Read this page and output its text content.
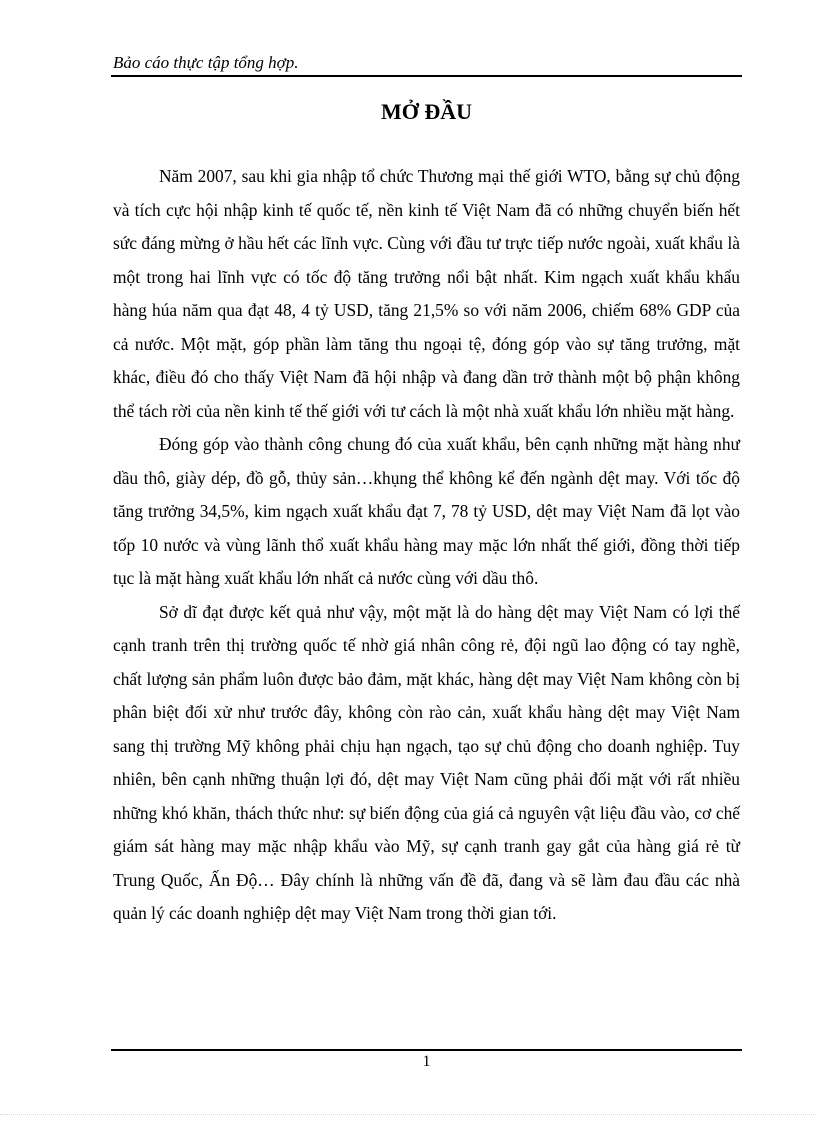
Bảo cáo thực tập tổng hợp.
MỞ ĐẦU

Năm 2007, sau khi gia nhập tổ chức Thương mại thế giới WTO, bằng sự chủ động và tích cực hội nhập kinh tế quốc tế, nền kinh tế Việt Nam đã có những chuyển biến hết sức đáng mừng ở hầu hết các lĩnh vực. Cùng với đầu tư trực tiếp nước ngoài, xuất khẩu là một trong hai lĩnh vực có tốc độ tăng trưởng nổi bật nhất. Kim ngạch xuất khẩu khẩu hàng húa năm qua đạt 48, 4 tỷ USD, tăng 21,5% so với năm 2006, chiếm 68% GDP của cả nước. Một mặt, góp phần làm tăng thu ngoại tệ, đóng góp vào sự tăng trưởng, mặt khác, điều đó cho thấy Việt Nam đã hội nhập và đang dần trở thành một bộ phận không thể tách rời của nền kinh tế thế giới với tư cách là một nhà xuất khẩu lớn nhiều mặt hàng.

Đóng góp vào thành công chung đó của xuất khẩu, bên cạnh những mặt hàng như dầu thô, giày dép, đồ gỗ, thủy sản…khụng thể không kể đến ngành dệt may. Với tốc độ tăng trưởng 34,5%, kim ngạch xuất khẩu đạt 7, 78 tỷ USD, dệt may Việt Nam đã lọt vào tốp 10 nước và vùng lãnh thổ xuất khẩu hàng may mặc lớn nhất thế giới, đồng thời tiếp tục là mặt hàng xuất khẩu lớn nhất cả nước cùng với dầu thô.

Sở dĩ đạt được kết quả như vậy, một mặt là do hàng dệt may Việt Nam có lợi thế cạnh tranh trên thị trường quốc tế nhờ giá nhân công rẻ, đội ngũ lao động có tay nghề, chất lượng sản phẩm luôn được bảo đảm, mặt khác, hàng dệt may Việt Nam không còn bị phân biệt đối xử như trước đây, không còn rào cản, xuất khẩu hàng dệt may Việt Nam sang thị trường Mỹ không phải chịu hạn ngạch, tạo sự chủ động cho doanh nghiệp. Tuy nhiên, bên cạnh những thuận lợi đó, dệt may Việt Nam cũng phải đối mặt với rất nhiều những khó khăn, thách thức như: sự biến động của giá cả nguyên vật liệu đầu vào, cơ chế giám sát hàng may mặc nhập khẩu vào Mỹ, sự cạnh tranh gay gắt của hàng giá rẻ từ Trung Quốc, Ấn Độ… Đây chính là những vấn đề đã, đang và sẽ làm đau đầu các nhà quản lý các doanh nghiệp dệt may Việt Nam trong thời gian tới.

1
